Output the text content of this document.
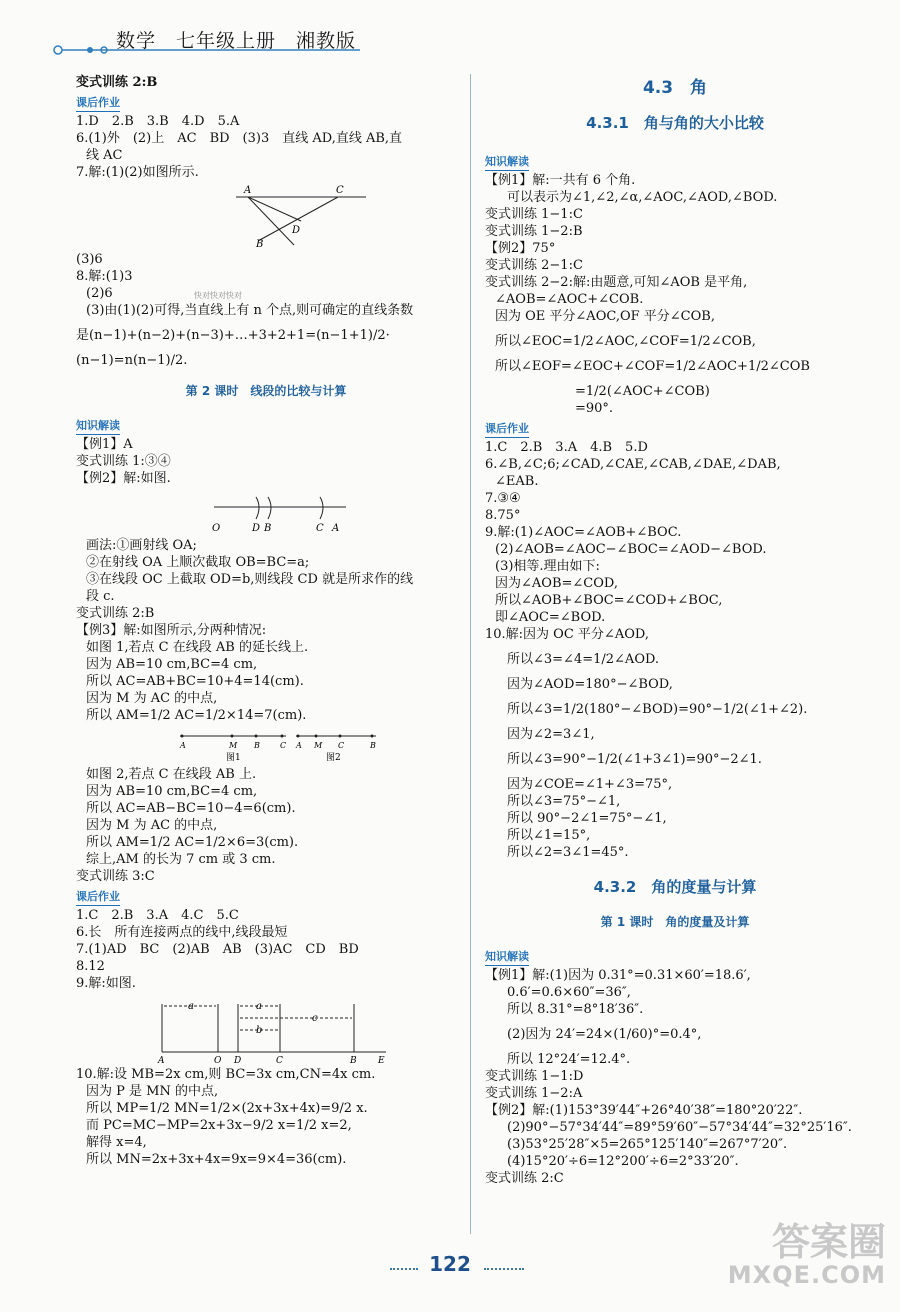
数学　七年级上册　湘教版
变式训练 2:B
课后作业
1.D　2.B　3.B　4.D　5.A
6.(1)外　(2)上　AC　BD　(3)3　直线 AD,直线 AB,直
线 AC
7.解:(1)(2)如图所示.
A	C
D
B
(3)6
8.解:(1)3
(2)6
(3)由(1)(2)可得,当直线上有 n 个点,则可确定的直线条数
是(n−1)+(n−2)+(n−3)+…+3+2+1=(n−1+1)/2·
(n−1)=n(n−1)/2.
第 2 课时　线段的比较与计算
知识解读
【例1】A
变式训练 1:③④
【例2】解:如图.
O	D B	C A
画法:①画射线 OA;
②在射线 OA 上顺次截取 OB=BC=a;
③在线段 OC 上截取 OD=b,则线段 CD 就是所求作的线
段 c.
变式训练 2:B
【例3】解:如图所示,分两种情况:
如图 1,若点 C 在线段 AB 的延长线上.
因为 AB=10 cm,BC=4 cm,
所以 AC=AB+BC=10+4=14(cm).
因为 M 为 AC 的中点,
所以 AM=1/2 AC=1/2×14=7(cm).
A	M B	C A M C	B
图1	图2
如图 2,若点 C 在线段 AB 上.
因为 AB=10 cm,BC=4 cm,
所以 AC=AB−BC=10−4=6(cm).
因为 M 为 AC 的中点,
所以 AM=1/2 AC=1/2×6=3(cm).
综上,AM 的长为 7 cm 或 3 cm.
变式训练 3:C
课后作业
1.C　2.B　3.A　4.C　5.C
6.长　所有连接两点的线中,线段最短
7.(1)AD　BC　(2)AB　AB　(3)AC　CD　BD
8.12
9.解:如图.
a	a
b
c
A	O D	C	B E
10.解:设 MB=2x cm,则 BC=3x cm,CN=4x cm.
因为 P 是 MN 的中点,
所以 MP=1/2 MN=1/2×(2x+3x+4x)=9/2 x.
而 PC=MC−MP=2x+3x−9/2 x=1/2 x=2,
解得 x=4,
所以 MN=2x+3x+4x=9x=9×4=36(cm).
快对快对快对
4.3　角
4.3.1　角与角的大小比较
知识解读
【例1】解:一共有 6 个角.
可以表示为∠1,∠2,∠α,∠AOC,∠AOD,∠BOD.
变式训练 1−1:C
变式训练 1−2:B
【例2】75°
变式训练 2−1:C
变式训练 2−2:解:由题意,可知∠AOB 是平角,
∠AOB=∠AOC+∠COB.
因为 OE 平分∠AOC,OF 平分∠COB,
所以∠EOC=1/2∠AOC,∠COF=1/2∠COB,
所以∠EOF=∠EOC+∠COF=1/2∠AOC+1/2∠COB
=1/2(∠AOC+∠COB)
=90°.
课后作业
1.C　2.B　3.A　4.B　5.D
6.∠B,∠C;6;∠CAD,∠CAE,∠CAB,∠DAE,∠DAB,
∠EAB.
7.③④
8.75°
9.解:(1)∠AOC=∠AOB+∠BOC.
(2)∠AOB=∠AOC−∠BOC=∠AOD−∠BOD.
(3)相等.理由如下:
因为∠AOB=∠COD,
所以∠AOB+∠BOC=∠COD+∠BOC,
即∠AOC=∠BOD.
10.解:因为 OC 平分∠AOD,
所以∠3=∠4=1/2∠AOD.
因为∠AOD=180°−∠BOD,
所以∠3=1/2(180°−∠BOD)=90°−1/2(∠1+∠2).
因为∠2=3∠1,
所以∠3=90°−1/2(∠1+3∠1)=90°−2∠1.
因为∠COE=∠1+∠3=75°,
所以∠3=75°−∠1,
所以 90°−2∠1=75°−∠1,
所以∠1=15°,
所以∠2=3∠1=45°.
4.3.2　角的度量与计算
第 1 课时　角的度量及计算
知识解读
【例1】解:(1)因为 0.31°=0.31×60′=18.6′,
0.6′=0.6×60″=36″,
所以 8.31°=8°18′36″.
(2)因为 24′=24×(1/60)°=0.4°,
所以 12°24′=12.4°.
变式训练 1−1:D
变式训练 1−2:A
【例2】解:(1)153°39′44″+26°40′38″=180°20′22″.
(2)90°−57°34′44″=89°59′60″−57°34′44″=32°25′16″.
(3)53°25′28″×5=265°125′140″=267°7′20″.
(4)15°20′÷6=12°200′÷6=2°33′20″.
变式训练 2:C
122	答案圈
MXQE.COM
